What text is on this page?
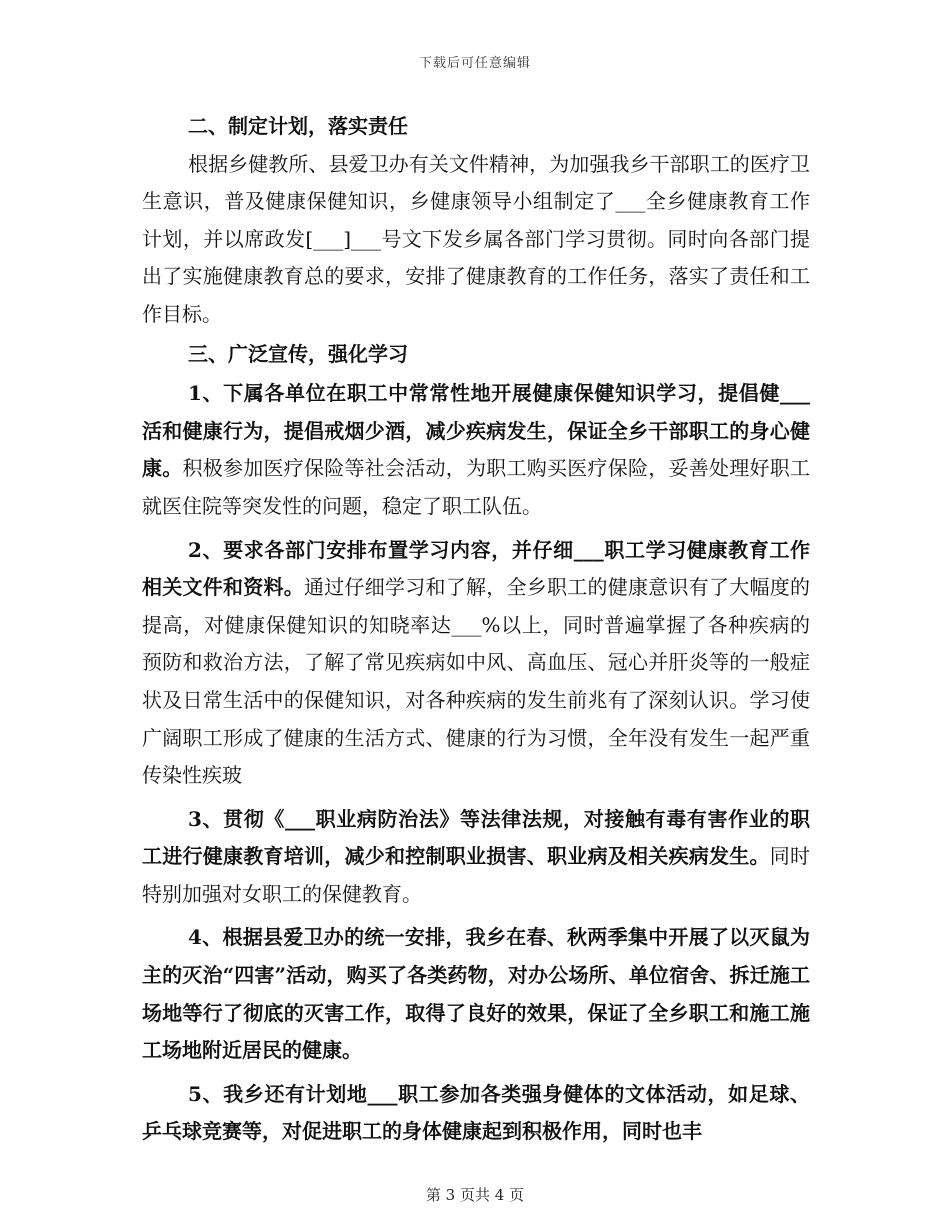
下载后可任意编辑

二、制定计划，落实责任

根据乡健教所、县爱卫办有关文件精神，为加强我乡干部职工的医疗卫生意识，普及健康保健知识，乡健康领导小组制定了___全乡健康教育工作计划，并以席政发[___]___号文下发乡属各部门学习贯彻。同时向各部门提出了实施健康教育总的要求，安排了健康教育的工作任务，落实了责任和工作目标。

三、广泛宣传，强化学习

1、下属各单位在职工中常常性地开展健康保健知识学习，提倡健___活和健康行为，提倡戒烟少酒，减少疾病发生，保证全乡干部职工的身心健康。积极参加医疗保险等社会活动，为职工购买医疗保险，妥善处理好职工就医住院等突发性的问题，稳定了职工队伍。

2、要求各部门安排布置学习内容，并仔细___职工学习健康教育工作相关文件和资料。通过仔细学习和了解，全乡职工的健康意识有了大幅度的提高，对健康保健知识的知晓率达___%以上，同时普遍掌握了各种疾病的预防和救治方法，了解了常见疾病如中风、高血压、冠心并肝炎等的一般症状及日常生活中的保健知识，对各种疾病的发生前兆有了深刻认识。学习使广阔职工形成了健康的生活方式、健康的行为习惯，全年没有发生一起严重传染性疾玻

3、贯彻《___职业病防治法》等法律法规，对接触有毒有害作业的职工进行健康教育培训，减少和控制职业损害、职业病及相关疾病发生。同时特别加强对女职工的保健教育。

4、根据县爱卫办的统一安排，我乡在春、秋两季集中开展了以灭鼠为主的灭治“四害”活动，购买了各类药物，对办公场所、单位宿舍、拆迁施工场地等行了彻底的灭害工作，取得了良好的效果，保证了全乡职工和施工施工场地附近居民的健康。

5、我乡还有计划地___职工参加各类强身健体的文体活动，如足球、乒乓球竞赛等，对促进职工的身体健康起到积极作用，同时也丰

第 3 页共 4 页
